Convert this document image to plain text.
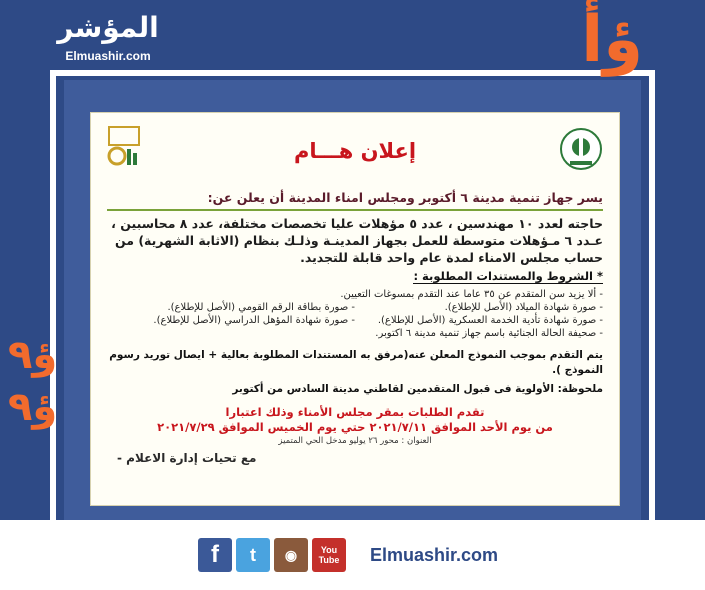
المؤشر
Elmuashir.com	ؤأ
ؤ٩
ؤ٩
إعلان هـــام
يسر جهاز تنمية مدينة ٦ أكتوبر ومجلس امناء المدينة أن يعلن عن:
حاجته لعدد ١٠ مهندسين ، عدد ٥ مؤهلات عليا تخصصات مختلفة، عدد ٨ محاسبين ، عـدد ٦ مـؤهلات متوسطة للعمل بجهاز المدينـة وذلـك بنظام (الاثابة الشهرية) من حساب مجلس الامناء لمدة عام واحد قابلة للتجديد.
* الشروط والمستندات المطلوبة :
- ألا يزيد سن المتقدم عن ٣٥ عاما عند التقدم بمسوغات التعيين.
- صورة شهادة الميلاد (الأصل للإطلاع).
- صورة شهادة تأدية الخدمة العسكرية (الأصل للإطلاع).
- صحيفة الحالة الجنائية باسم جهاز تنمية مدينة ٦ اكتوبر.
- صورة بطاقة الرقم القومي (الأصل للإطلاع).
- صورة شهادة المؤهل الدراسي (الأصل للإطلاع).
يتم التقدم بموجب النموذج المعلن عنه(مرفق به المستندات المطلوبة بعالية + ايصال توريد رسوم النموذج ).
ملحوظة: الأولوية فى قبول المتقدمين لقاطني مدينة السادس من أكتوبر
تقدم الطلبات بمقر مجلس الأمناء وذلك اعتبارا
من يوم الأحد الموافق ٢٠٢١/٧/١١ حتي يوم الخميس الموافق ٢٠٢١/٧/٢٩
العنوان : محور ٢٦ يوليو مدخل الحي المتميز
مع تحيات إدارة الاعلام -
f	t	◉	You Tube	Elmuashir.com
